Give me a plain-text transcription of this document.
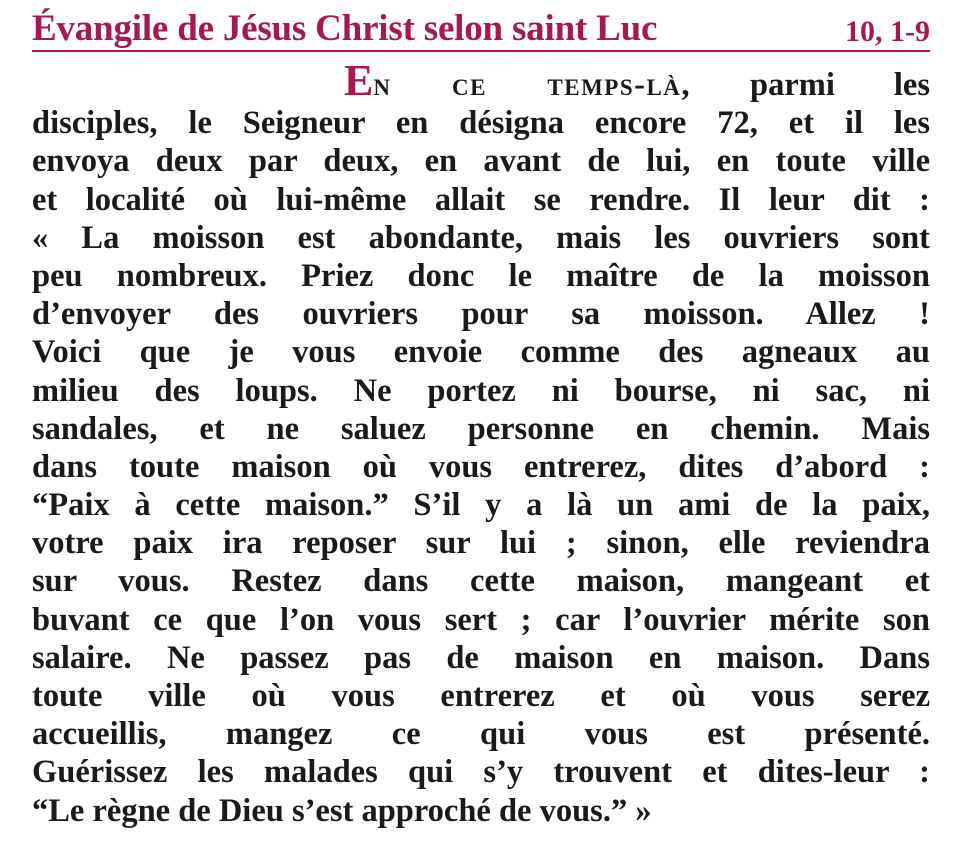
Évangile de Jésus Christ selon saint Luc	10, 1-9
En ce temps-là, parmi les
disciples, le Seigneur en désigna encore 72, et il les
envoya deux par deux, en avant de lui, en toute ville
et localité où lui-même allait se rendre. Il leur dit :
« La moisson est abondante, mais les ouvriers sont
peu nombreux. Priez donc le maître de la moisson
d’envoyer des ouvriers pour sa moisson. Allez !
Voici que je vous envoie comme des agneaux au
milieu des loups. Ne portez ni bourse, ni sac, ni
sandales, et ne saluez personne en chemin. Mais
dans toute maison où vous entrerez, dites d’abord :
“Paix à cette maison.” S’il y a là un ami de la paix,
votre paix ira reposer sur lui ; sinon, elle reviendra
sur vous. Restez dans cette maison, mangeant et
buvant ce que l’on vous sert ; car l’ouvrier mérite son
salaire. Ne passez pas de maison en maison. Dans
toute ville où vous entrerez et où vous serez
accueillis, mangez ce qui vous est présenté.
Guérissez les malades qui s’y trouvent et dites-leur :
“Le règne de Dieu s’est approché de vous.” »
